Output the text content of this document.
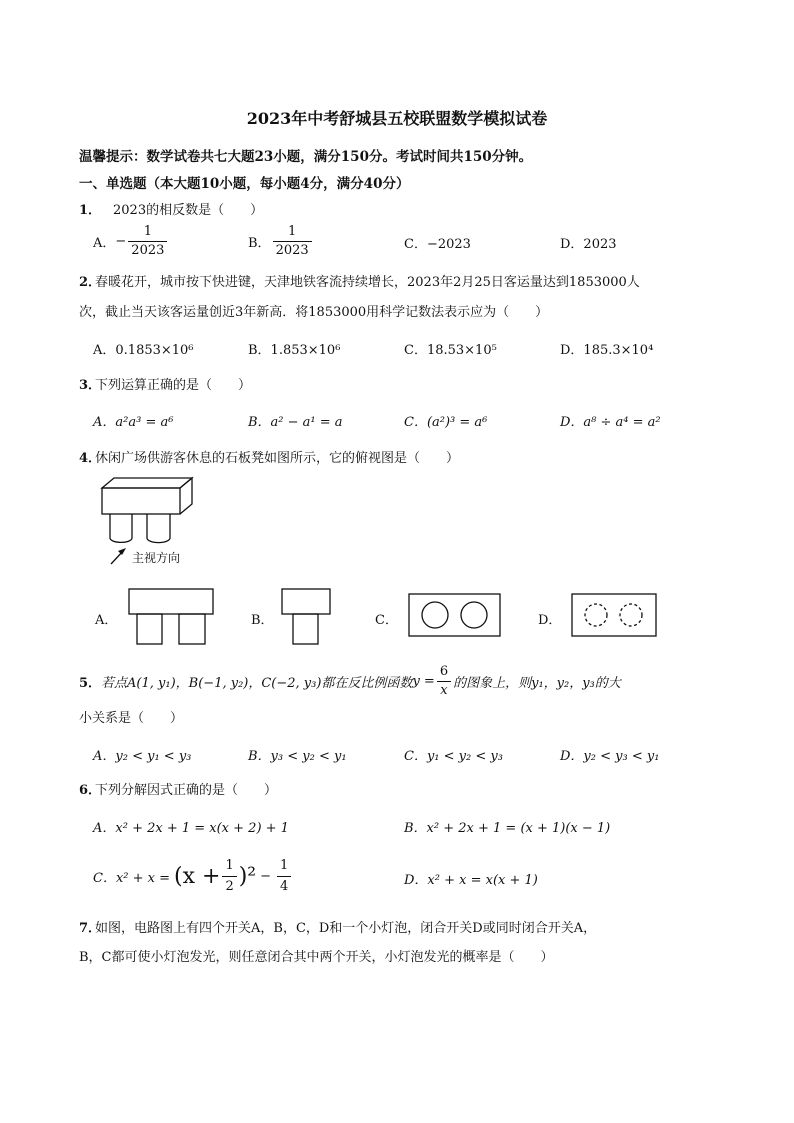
2023年中考舒城县五校联盟数学模拟试卷
温馨提示：数学试卷共七大题23小题，满分150分。考试时间共150分钟。
一、单选题（本大题10小题，每小题4分，满分40分）
1． 2023的相反数是（　　）
A． − $\frac{1}{2023}$	B． $\frac{1}{2023}$	C．−2023	D．2023
2．
春暖花开，城市按下快进键，天津地铁客流持续增长，2023年2月25日客运量达到1853000人
次，截止当天该客运量创近3年新高．将1853000用科学记数法表示应为（　　）
A．0.1853×10⁶	B．1.853×10⁶	C．18.53×10⁵	D．185.3×10⁴
3．
下列运算正确的是（　　）
A．a²a³ = a⁶	B．a² − a¹ = a	C．(a²)³ = a⁶	D．a⁸ ÷ a⁴ = a²
4．
休闲广场供游客休息的石板凳如图所示，它的俯视图是（　　）
主视方向
A．	B．	C．	D．
5． 若点A(1, y₁)，B(−1, y₂)，C(−2, y₃)都在反比例函数 $y = \frac{6}{x}$ 的图象上，则y₁，y₂，y₃的大
小关系是（　　）
A．y₂ < y₁ < y₃	B．y₃ < y₂ < y₁	C．y₁ < y₂ < y₃	D．y₂ < y₃ < y₁
6．
下列分解因式正确的是（　　）
A．x² + 2x + 1 = x(x + 2) + 1	B．x² + 2x + 1 = (x + 1)(x − 1)
C．$x^2 + x = (x + \frac{1}{2} )^2 - \frac{1}{4}$	D．x² + x = x(x + 1)
7．
如图，电路图上有四个开关A，B，C，D和一个小灯泡，闭合开关D或同时闭合开关A，
B，C都可使小灯泡发光，则任意闭合其中两个开关，小灯泡发光的概率是（　　）
